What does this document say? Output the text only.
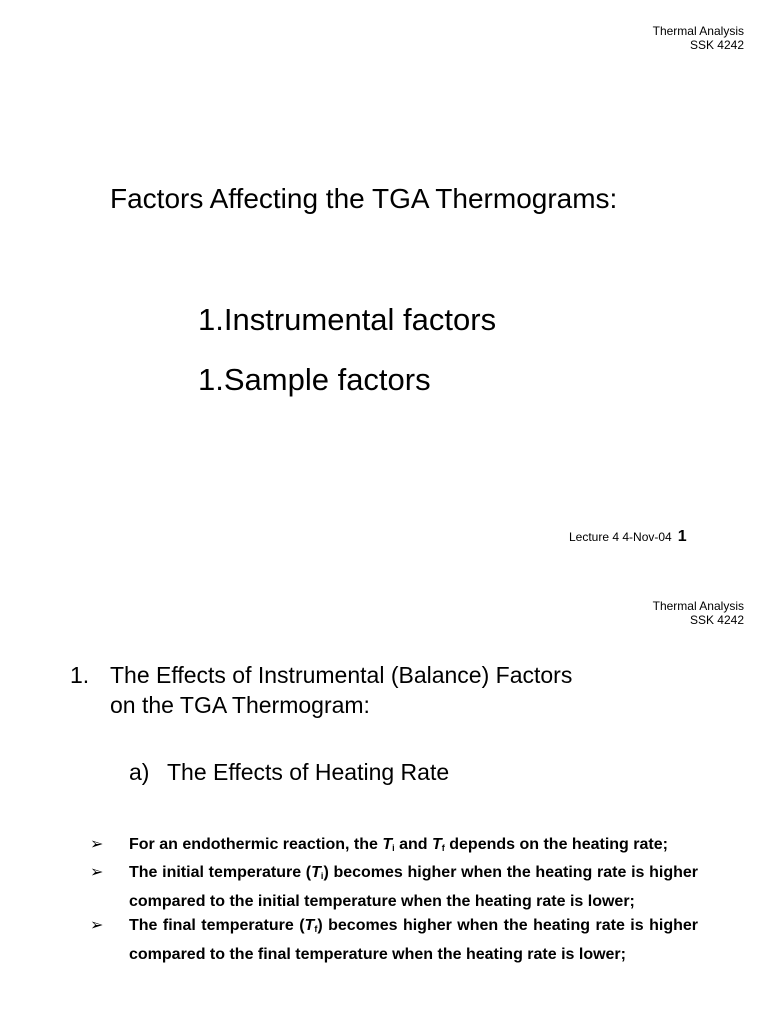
Thermal Analysis
SSK 4242
Factors Affecting the TGA Thermograms:
1.Instrumental factors
1.Sample factors
Lecture 4 4-Nov-04 1
Thermal Analysis
SSK 4242
1. The Effects of Instrumental (Balance) Factors
on the TGA Thermogram:
a) The Effects of Heating Rate
➢ For an endothermic reaction, the $T_i$ and $T_f$ depends on the heating rate;
➢ The initial temperature $(T_i)$ becomes higher when the heating rate is higher compared to the initial temperature when the heating rate is lower;
➢ The final temperature $(T_f)$ becomes higher when the heating rate is higher compared to the final temperature when the heating rate is lower;
